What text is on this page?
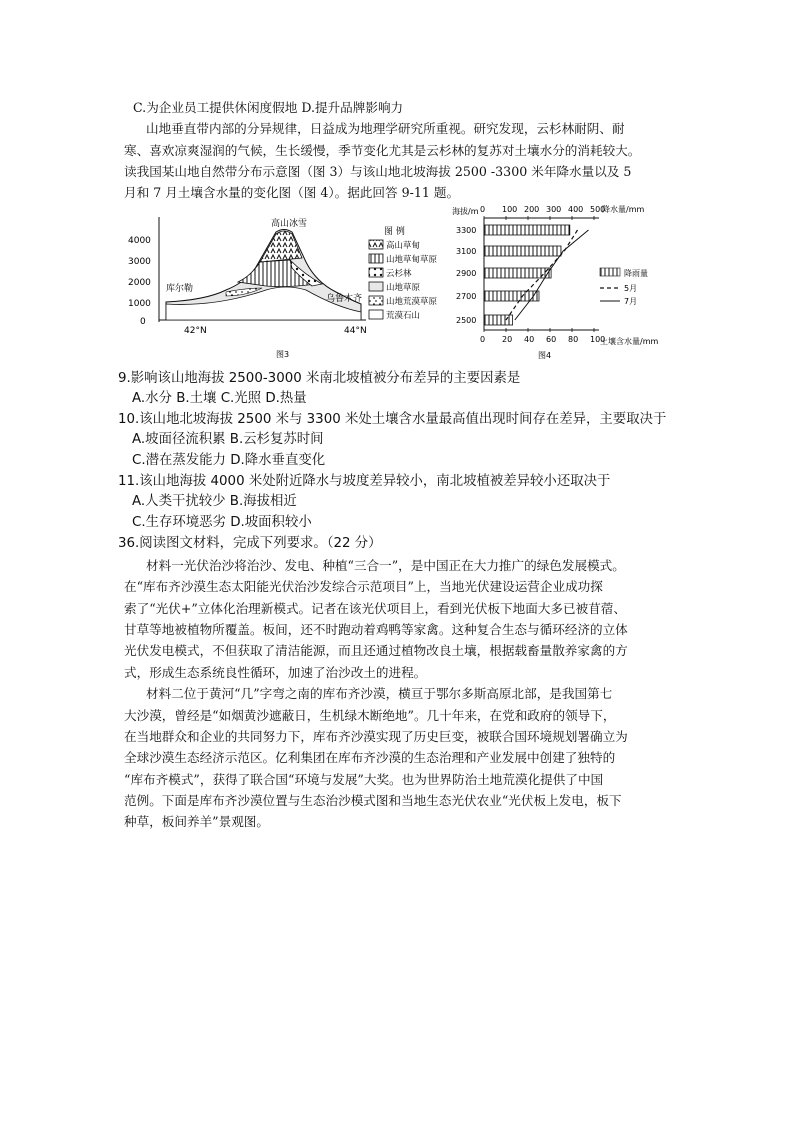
C.为企业员工提供休闲度假地 D.提升品牌影响力
山地垂直带内部的分异规律，日益成为地理学研究所重视。研究发现，云杉林耐阴、耐
寒、喜欢凉爽湿润的气候，生长缓慢，季节变化尤其是云杉林的复苏对土壤水分的消耗较大。
读我国某山地自然带分布示意图（图 3）与该山地北坡海拔 2500 -3300 米年降水量以及 5
月和 7 月土壤含水量的变化图（图 4）。据此回答 9-11 题。
4000
3000
2000
1000
0
高山冰雪
库尔勒
乌鲁木齐
42°N	44°N
图3
图 例
高山草甸
山地草甸草原
云杉林
山地草原
山地荒漠草原
荒漠石山
海拔/m	降水量/mm
土壤含水量/mm
图4
0 100 200 300 400 500
0 20 40 60 80 100
3300
3100
2900
2700
2500
降雨量
5月
7月
9.影响该山地海拔 2500-3000 米南北坡植被分布差异的主要因素是
A.水分 B.土壤 C.光照 D.热量
10.该山地北坡海拔 2500 米与 3300 米处土壤含水量最高值出现时间存在差异，主要取决于
A.坡面径流积累 B.云杉复苏时间
C.潜在蒸发能力 D.降水垂直变化
11.该山地海拔 4000 米处附近降水与坡度差异较小，南北坡植被差异较小还取决于
A.人类干扰较少 B.海拔相近
C.生存环境恶劣 D.坡面积较小
36.阅读图文材料，完成下列要求。（22 分）
材料一光伏治沙将治沙、发电、种植“三合一”，是中国正在大力推广的绿色发展模式。
在“库布齐沙漠生态太阳能光伏治沙发综合示范项目”上，当地光伏建设运营企业成功探
索了“光伏+”立体化治理新模式。记者在该光伏项目上，看到光伏板下地面大多已被苜蓿、
甘草等地被植物所覆盖。板间，还不时跑动着鸡鸭等家禽。这种复合生态与循环经济的立体
光伏发电模式，不但获取了清洁能源，而且还通过植物改良土壤，根据载畜量散养家禽的方
式，形成生态系统良性循环，加速了治沙改土的进程。
材料二位于黄河“几”字弯之南的库布齐沙漠，横亘于鄂尔多斯高原北部，是我国第七
大沙漠，曾经是“如烟黄沙遮蔽日，生机绿木断绝地”。几十年来，在党和政府的领导下，
在当地群众和企业的共同努力下，库布齐沙漠实现了历史巨变，被联合国环境规划署确立为
全球沙漠生态经济示范区。亿利集团在库布齐沙漠的生态治理和产业发展中创建了独特的
“库布齐模式”，获得了联合国“环境与发展”大奖。也为世界防治土地荒漠化提供了中国
范例。下面是库布齐沙漠位置与生态治沙模式图和当地生态光伏农业“光伏板上发电，板下
种草，板间养羊”景观图。
